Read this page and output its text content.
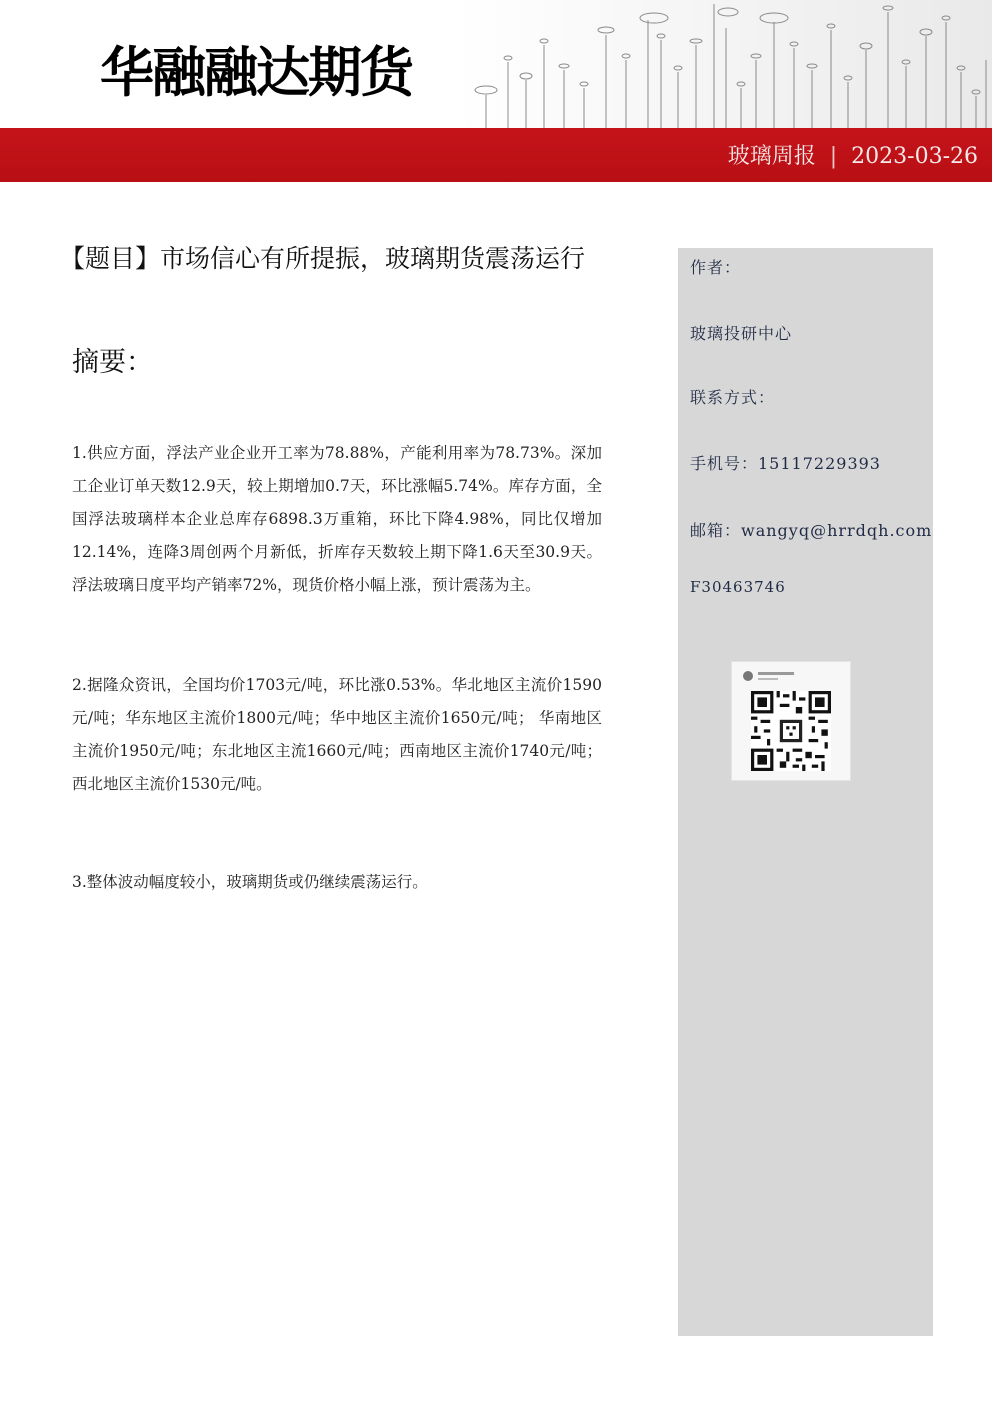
华融融达期货
玻璃周报 | 2023-03-26
【题目】市场信心有所提振，玻璃期货震荡运行
摘要：
1.供应方面，浮法产业企业开工率为78.88%，产能利用率为78.73%。深加工企业订单天数12.9天，较上期增加0.7天，环比涨幅5.74%。库存方面，全国浮法玻璃样本企业总库存6898.3万重箱，环比下降4.98%，同比仅增加12.14%，连降3周创两个月新低，折库存天数较上期下降1.6天至30.9天。浮法玻璃日度平均产销率72%，现货价格小幅上涨，预计震荡为主。
2.据隆众资讯，全国均价1703元/吨，环比涨0.53%。华北地区主流价1590元/吨；华东地区主流价1800元/吨；华中地区主流价1650元/吨； 华南地区主流价1950元/吨；东北地区主流1660元/吨；西南地区主流价1740元/吨；西北地区主流价1530元/吨。
3.整体波动幅度较小，玻璃期货或仍继续震荡运行。
作者：
玻璃投研中心
联系方式：
手机号：15117229393
邮箱：wangyq@hrrdqh.com
F30463746
